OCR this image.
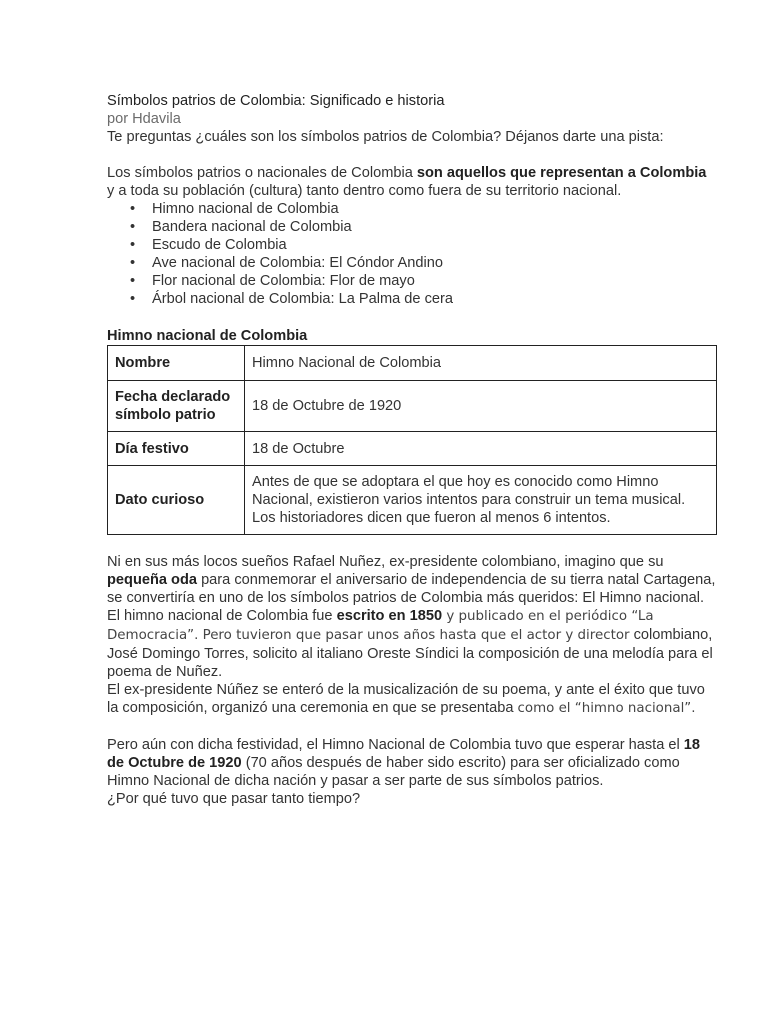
Símbolos patrios de Colombia: Significado e historia

por Hdavila

Te preguntas ¿cuáles son los símbolos patrios de Colombia? Déjanos darte una pista:

Los símbolos patrios o nacionales de Colombia son aquellos que representan a Colombia y a toda su población (cultura) tanto dentro como fuera de su territorio nacional.

• Himno nacional de Colombia
• Bandera nacional de Colombia
• Escudo de Colombia
• Ave nacional de Colombia: El Cóndor Andino
• Flor nacional de Colombia: Flor de mayo
• Árbol nacional de Colombia: La Palma de cera

Himno nacional de Colombia

Nombre	Himno Nacional de Colombia
Fecha declarado símbolo patrio	18 de Octubre de 1920
Día festivo	18 de Octubre
Dato curioso	Antes de que se adoptara el que hoy es conocido como Himno Nacional, existieron varios intentos para construir un tema musical. Los historiadores dicen que fueron al menos 6 intentos.

Ni en sus más locos sueños Rafael Nuñez, ex-presidente colombiano, imagino que su pequeña oda para conmemorar el aniversario de independencia de su tierra natal Cartagena, se convertiría en uno de los símbolos patrios de Colombia más queridos: El Himno nacional.

El himno nacional de Colombia fue escrito en 1850 y publicado en el periódico “La Democracia”. Pero tuvieron que pasar unos años hasta que el actor y director colombiano, José Domingo Torres, solicito al italiano Oreste Síndici la composición de una melodía para el poema de Nuñez.

El ex-presidente Núñez se enteró de la musicalización de su poema, y ante el éxito que tuvo la composición, organizó una ceremonia en que se presentaba como el “himno nacional”.

Pero aún con dicha festividad, el Himno Nacional de Colombia tuvo que esperar hasta el 18 de Octubre de 1920 (70 años después de haber sido escrito) para ser oficializado como Himno Nacional de dicha nación y pasar a ser parte de sus símbolos patrios.

¿Por qué tuvo que pasar tanto tiempo?
